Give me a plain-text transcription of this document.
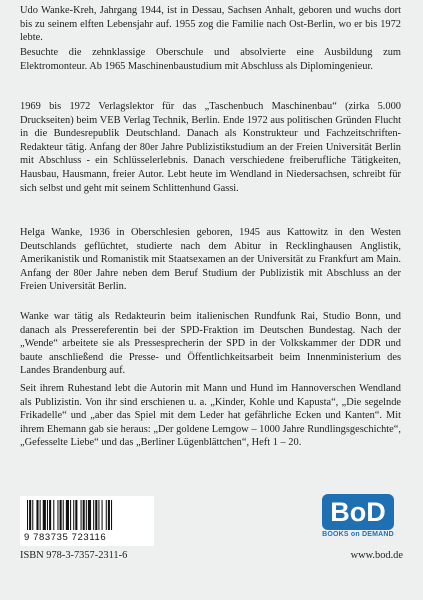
Udo Wanke-Kreh, Jahrgang 1944, ist in Dessau, Sachsen Anhalt, geboren und wuchs dort bis zu seinem elften Lebensjahr auf. 1955 zog die Familie nach Ost-Berlin, wo er bis 1972 lebte.

Besuchte die zehnklassige Oberschule und absolvierte eine Ausbildung zum Elektromonteur. Ab 1965 Maschinenbaustudium mit Abschluss als Diplomingenieur.

1969 bis 1972 Verlagslektor für das „Taschenbuch Maschinenbau“ (zirka 5.000 Druckseiten) beim VEB Verlag Technik, Berlin. Ende 1972 aus politischen Gründen Flucht in die Bundesrepublik Deutschland. Danach als Konstrukteur und Fachzeitschriften-Redakteur tätig. Anfang der 80er Jahre Publizistikstudium an der Freien Universität Berlin mit Abschluss - ein Schlüsselerlebnis. Danach verschiedene freiberufliche Tätigkeiten, Hausbau, Hausmann, freier Autor. Lebt heute im Wendland in Niedersachsen, schreibt für sich selbst und geht mit seinem Schlittenhund Gassi.

Helga Wanke, 1936 in Oberschlesien geboren, 1945 aus Kattowitz in den Westen Deutschlands geflüchtet, studierte nach dem Abitur in Recklinghausen Anglistik, Amerikanistik und Romanistik mit Staatsexamen an der Universität zu Frankfurt am Main. Anfang der 80er Jahre neben dem Beruf Studium der Publizistik mit Abschluss an der Freien Universität Berlin.

Wanke war tätig als Redakteurin beim italienischen Rundfunk Rai, Studio Bonn, und danach als Pressereferentin bei der SPD-Fraktion im Deutschen Bundestag. Nach der „Wende“ arbeitete sie als Pressesprecherin der SPD in der Volkskammer der DDR und baute anschließend die Presse- und Öffentlichkeitsarbeit beim Innenministerium des Landes Brandenburg auf.

Seit ihrem Ruhestand lebt die Autorin mit Mann und Hund im Hannoverschen Wendland als Publizistin. Von ihr sind erschienen u. a. „Kinder, Kohle und Kapusta“, „Die segelnde Frikadelle“ und „aber das Spiel mit dem Leder hat gefährliche Ecken und Kanten“. Mit ihrem Ehemann gab sie heraus: „Der goldene Lemgow – 1000 Jahre Rundlingsgeschichte“, „Gefesselte Liebe“ und das „Berliner Lügenblättchen“, Heft 1 – 20.

9 783735 723116
ISBN 978-3-7357-2311-6
BoD
BOOKS on DEMAND
www.bod.de
